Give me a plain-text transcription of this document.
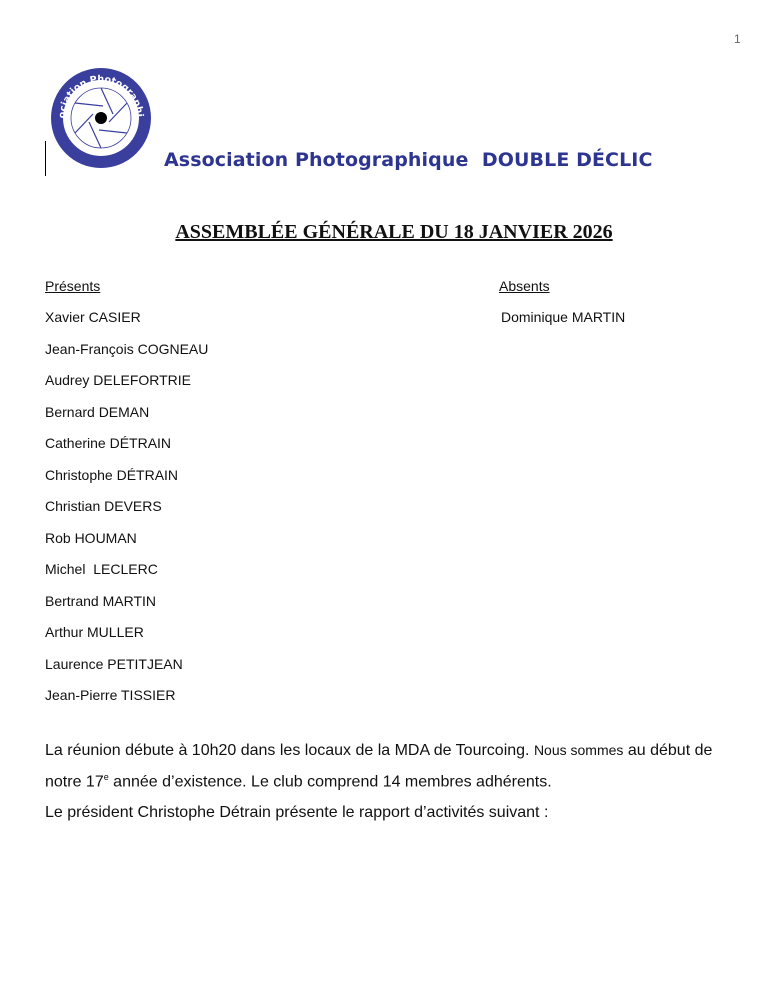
1
ociation Photographi
DOUBLE DÉCLIC
Association Photographique  DOUBLE DÉCLIC
ASSEMBLÉE GÉNÉRALE DU 18 JANVIER 2026
Présents	Absents
Xavier CASIER
Jean-François COGNEAU
Audrey DELEFORTRIE
Bernard DEMAN
Catherine DÉTRAIN
Christophe DÉTRAIN
Christian DEVERS
Rob HOUMAN
Michel  LECLERC
Bertrand MARTIN
Arthur MULLER
Laurence PETITJEAN
Jean-Pierre TISSIER
Dominique MARTIN

La réunion débute à 10h20 dans les locaux de la MDA de Tourcoing. Nous sommes au début de notre 17e année d’existence. Le club comprend 14 membres adhérents.

Le président Christophe Détrain présente le rapport d’activités suivant :
